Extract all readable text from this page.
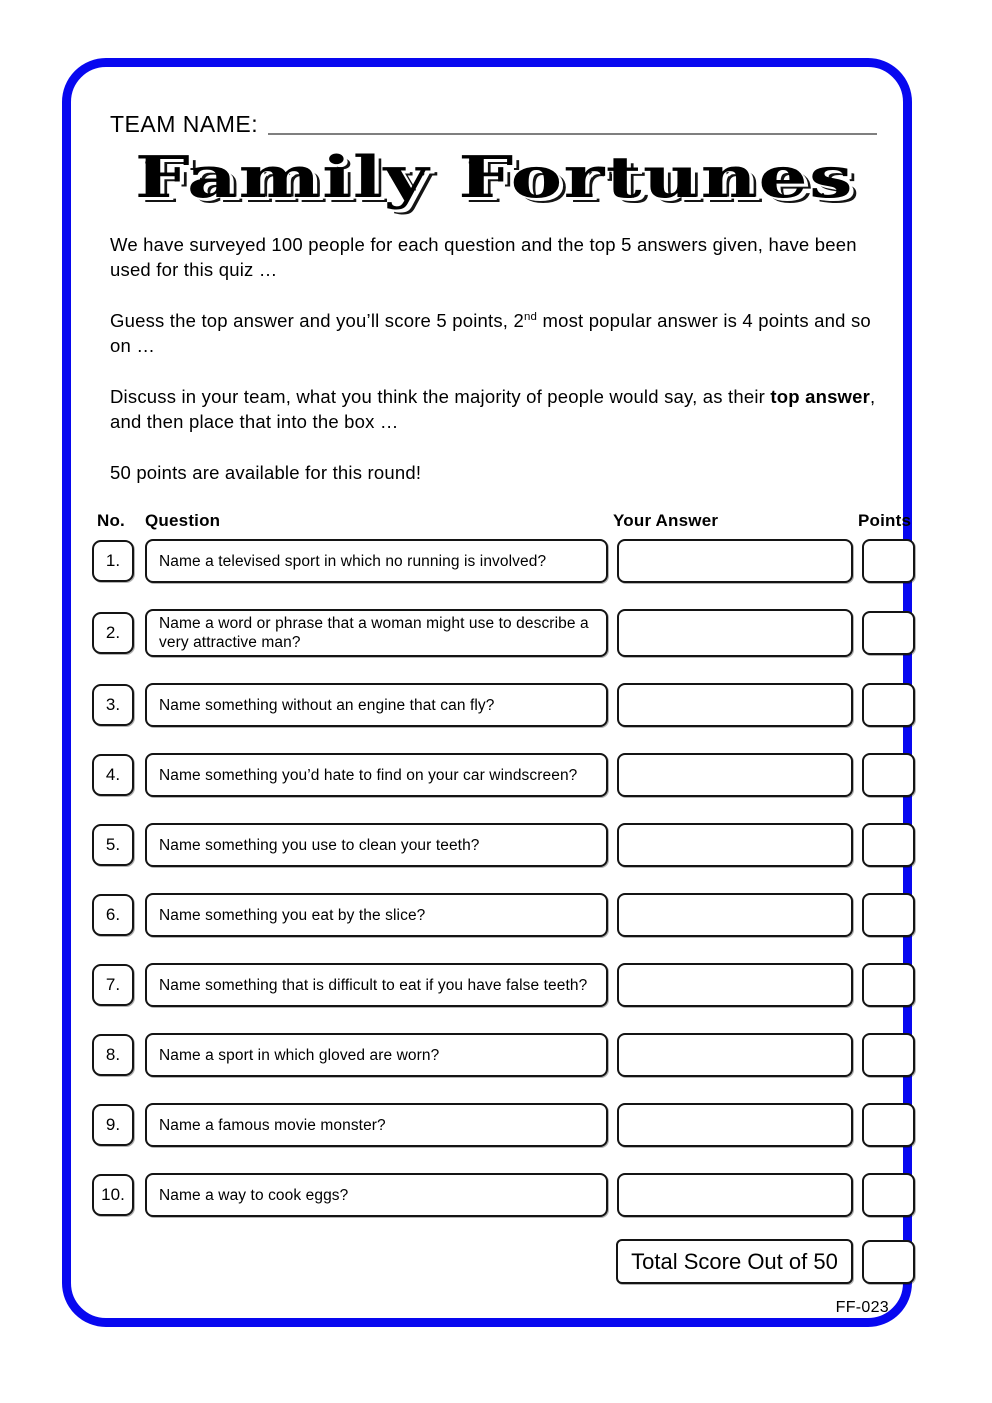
TEAM NAME:
Family Fortunes

We have surveyed 100 people for each question and the top 5 answers given, have been used for this quiz …

Guess the top answer and you’ll score 5 points, 2nd most popular answer is 4 points and so on …

Discuss in your team, what you think the majority of people would say, as their top answer, and then place that into the box …

50 points are available for this round!

No.	Question	Your Answer	Points
1.	Name a televised sport in which no running is involved?
2.	Name a word or phrase that a woman might use to describe a very attractive man?
3.	Name something without an engine that can fly?
4.	Name something you’d hate to find on your car windscreen?
5.	Name something you use to clean your teeth?
6.	Name something you eat by the slice?
7.	Name something that is difficult to eat if you have false teeth?
8.	Name a sport in which gloved are worn?
9.	Name a famous movie monster?
10. Name a way to cook eggs?
Total Score Out of 50
FF-023
